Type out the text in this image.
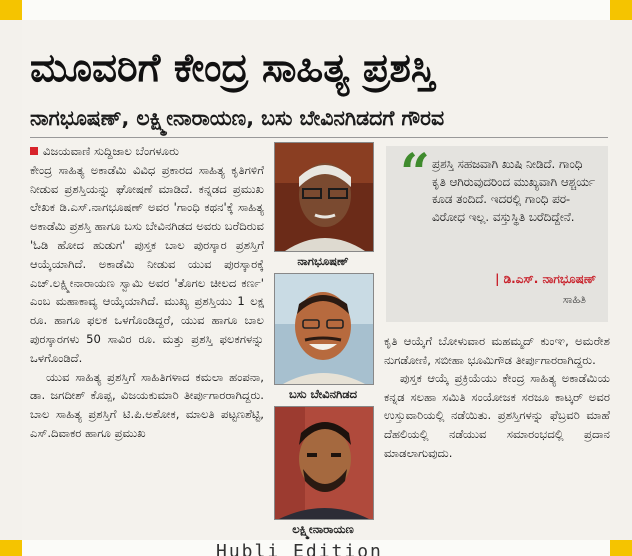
ಮೂವರಿಗೆ ಕೇಂದ್ರ ಸಾಹಿತ್ಯ ಪ್ರಶಸ್ತಿ
ನಾಗಭೂಷಣ್, ಲಕ್ಷ್ಮೀನಾರಾಯಣ, ಬಸು ಬೇವಿನಗಿಡದಗೆ ಗೌರವ
ವಿಜಯವಾಣಿ ಸುದ್ದಿಜಾಲ ಬೆಂಗಳೂರು

ಕೇಂದ್ರ ಸಾಹಿತ್ಯ ಅಕಾಡೆಮಿ ವಿವಿಧ ಪ್ರಕಾರದ ಸಾಹಿತ್ಯ ಕೃತಿಗಳಿಗೆ ನೀಡುವ ಪ್ರಶಸ್ತಿಯನ್ನು ಘೋಷಣೆ ಮಾಡಿದೆ. ಕನ್ನಡದ ಪ್ರಮುಖ ಲೇಖಕ ಡಿ.ಎಸ್.ನಾಗಭೂಷಣ್ ಅವರ 'ಗಾಂಧಿ ಕಥನ'ಕ್ಕೆ ಸಾಹಿತ್ಯ ಅಕಾಡೆಮಿ ಪ್ರಶಸ್ತಿ ಹಾಗೂ ಬಸು ಬೇವಿನಗಿಡದ ಅವರು ಬರೆದಿರುವ 'ಓಡಿ ಹೋದ ಹುಡುಗ' ಪುಸ್ತಕ ಬಾಲ ಪುರಸ್ಕಾರ ಪ್ರಶಸ್ತಿಗೆ ಆಯ್ಕೆಯಾಗಿದೆ. ಅಕಾಡೆಮಿ ನೀಡುವ ಯುವ ಪುರಸ್ಕಾರಕ್ಕೆ ಎಚ್.ಲಕ್ಷ್ಮೀನಾರಾಯಣ ಸ್ವಾಮಿ ಅವರ 'ತೊಗಲ ಚೀಲದ ಕರ್ಣ' ಎಂಬ ಮಹಾಕಾವ್ಯ ಆಯ್ಕೆಯಾಗಿದೆ. ಮುಖ್ಯ ಪ್ರಶಸ್ತಿಯು 1 ಲಕ್ಷ ರೂ. ಹಾಗೂ ಫಲಕ ಒಳಗೊಂಡಿದ್ದರೆ, ಯುವ ಹಾಗೂ ಬಾಲ ಪುರಸ್ಕಾರಗಳು 50 ಸಾವಿರ ರೂ. ಮತ್ತು ಪ್ರಶಸ್ತಿ ಫಲಕಗಳನ್ನು ಒಳಗೊಂಡಿದೆ.

ಯುವ ಸಾಹಿತ್ಯ ಪ್ರಶಸ್ತಿಗೆ ಸಾಹಿತಿಗಳಾದ ಕಮಲಾ ಹಂಪನಾ, ಡಾ. ಜಗದೀಶ್ ಕೊಪ್ಪ, ವಿಜಯಕುಮಾರಿ ತೀರ್ಪುಗಾರರಾಗಿದ್ದರು. ಬಾಲ ಸಾಹಿತ್ಯ ಪ್ರಶಸ್ತಿಗೆ ಟಿ.ಪಿ.ಅಶೋಕ, ಮಾಲತಿ ಪಟ್ಟಣಶೆಟ್ಟಿ, ಎಸ್.ದಿವಾಕರ ಹಾಗೂ ಪ್ರಮುಖ

ನಾಗಭೂಷಣ್
ಬಸು ಬೇವಿನಗಿಡದ
ಲಕ್ಷ್ಮೀನಾರಾಯಣ
“ ಪ್ರಶಸ್ತಿ ಸಹಜವಾಗಿ ಖುಷಿ ನೀಡಿದೆ. ಗಾಂಧಿ ಕೃತಿ ಆಗಿರುವುದರಿಂದ ಮುಖ್ಯವಾಗಿ ಆಶ್ಚರ್ಯ ಕೂಡ ತಂದಿದೆ. ಇದರಲ್ಲಿ ಗಾಂಧಿ ಪರ-ವಿರೋಧ ಇಲ್ಲ. ವಸ್ತುಸ್ಥಿತಿ ಬರೆದಿದ್ದೇನೆ.
| ಡಿ.ಎಸ್. ನಾಗಭೂಷಣ್
ಸಾಹಿತಿ

ಕೃತಿ ಆಯ್ಕೆಗೆ ಬೋಳುವಾರ ಮಹಮ್ಮದ್ ಕುಂಞ, ಅಮರೇಶ ನುಗಡೋಣಿ, ಸಬೀಹಾ ಭೂಮಿಗೌಡ ತೀರ್ಪುಗಾರರಾಗಿದ್ದರು.

ಪುಸ್ತಕ ಆಯ್ಕೆ ಪ್ರಕ್ರಿಯೆಯು ಕೇಂದ್ರ ಸಾಹಿತ್ಯ ಅಕಾಡೆಮಿಯ ಕನ್ನಡ ಸಲಹಾ ಸಮಿತಿ ಸಂಯೋಜಕ ಸರಜೂ ಕಾಟ್ಕರ್ ಅವರ ಉಸ್ತುವಾರಿಯಲ್ಲಿ ನಡೆಯಿತು. ಪ್ರಶಸ್ತಿಗಳನ್ನು ಫೆಬ್ರವರಿ ಮಾಹೆ ದೆಹಲಿಯಲ್ಲಿ ನಡೆಯುವ ಸಮಾರಂಭದಲ್ಲಿ ಪ್ರದಾನ ಮಾಡಲಾಗುವುದು.

Hubli Edition
